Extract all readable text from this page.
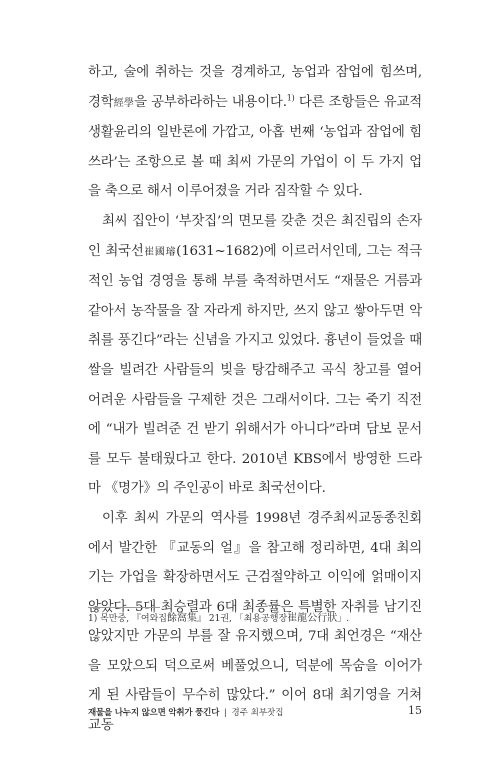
하고, 술에 취하는 것을 경계하고, 농업과 잠업에 힘쓰며, 경학經學을 공부하라하는 내용이다.$^{1)}$ 다른 조항들은 유교적 생활윤리의 일반론에 가깝고, 아홉 번째 ‘농업과 잠업에 힘쓰라’는 조항으로 볼 때 최씨 가문의 가업이 이 두 가지 업을 축으로 해서 이루어졌을 거라 짐작할 수 있다.

최씨 집안이 ‘부잣집’의 면모를 갖춘 것은 최진립의 손자인 최국선崔國璿(1631~1682)에 이르러서인데, 그는 적극적인 농업 경영을 통해 부를 축적하면서도 “재물은 거름과 같아서 농작물을 잘 자라게 하지만, 쓰지 않고 쌓아두면 악취를 풍긴다”라는 신념을 가지고 있었다. 흉년이 들었을 때 쌀을 빌려간 사람들의 빚을 탕감해주고 곡식 창고를 열어 어려운 사람들을 구제한 것은 그래서이다. 그는 죽기 직전에 “내가 빌려준 건 받기 위해서가 아니다”라며 담보 문서를 모두 불태웠다고 한다. 2010년 KBS에서 방영한 드라마 《명가》의 주인공이 바로 최국선이다.

이후 최씨 가문의 역사를 1998년 경주최씨교동종친회에서 발간한 『교동의 얼』을 참고해 정리하면, 4대 최의기는 가업을 확장하면서도 근검절약하고 이익에 얽매이지 않았다. 5대 최승렬과 6대 최종률은 특별한 자취를 남기진 않았지만 가문의 부를 잘 유지했으며, 7대 최언경은 “재산을 모았으되 덕으로써 베풀었으니, 덕분에 목숨을 이어가게 된 사람들이 무수히 많았다.” 이어 8대 최기영을 거쳐 교동

1) 목만중, 『여와집餘窩集』 21권, 「최용공행장崔龍公行狀」.
재물을 나누지 않으면 악취가 풍긴다 | 경주 최부잣집	15
